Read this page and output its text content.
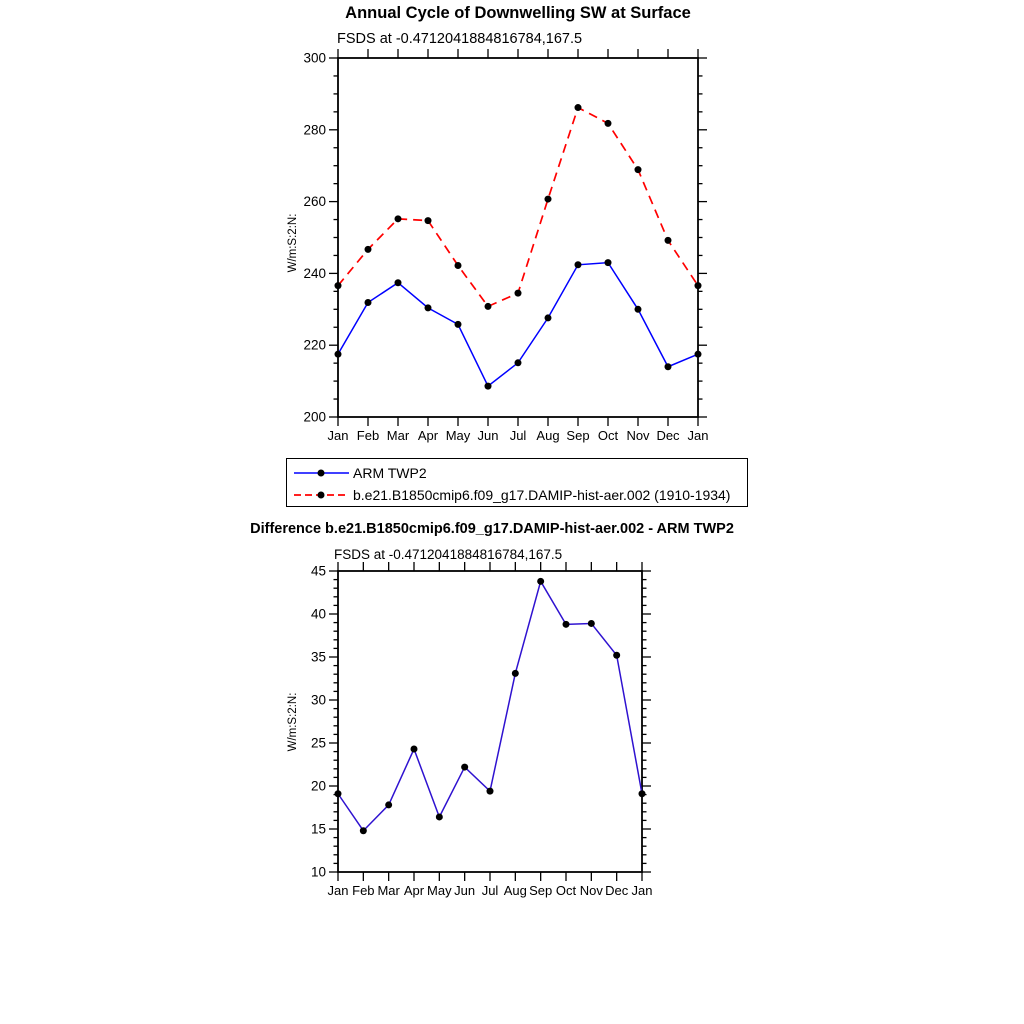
200
220
240
260
280
300
Jan Feb Mar Apr May Jun Jul Aug Sep Oct Nov Dec Jan
10
15
20
25
30
35
40
45
Jan Feb Mar Apr May Jun Jul Aug Sep Oct Nov Dec Jan
Annual Cycle of Downwelling SW at Surface
FSDS at -0.4712041884816784,167.5
W/m:S:2:N:
ARM TWP2
b.e21.B1850cmip6.f09_g17.DAMIP-hist-aer.002 (1910-1934)
Difference b.e21.B1850cmip6.f09_g17.DAMIP-hist-aer.002 - ARM TWP2
FSDS at -0.4712041884816784,167.5
W/m:S:2:N:
